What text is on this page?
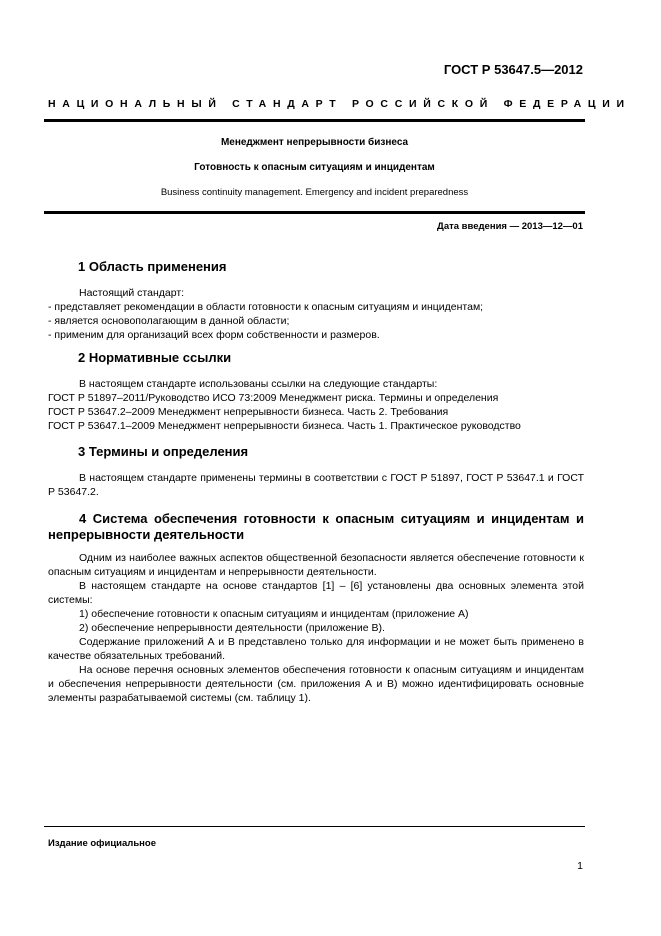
ГОСТ Р 53647.5—2012
НАЦИОНАЛЬНЫЙ СТАНДАРТ РОССИЙСКОЙ ФЕДЕРАЦИИ
Менеджмент непрерывности бизнеса
Готовность к опасным ситуациям и инцидентам
Business continuity management. Emergency and incident preparedness
Дата введения — 2013—12—01
1 Область применения
Настоящий стандарт:
- представляет рекомендации в области готовности к опасным ситуациям и инцидентам;
- является основополагающим в данной области;
- применим для организаций всех форм собственности и размеров.
2 Нормативные ссылки
В настоящем стандарте использованы ссылки на следующие стандарты:
ГОСТ Р 51897–2011/Руководство ИСО 73:2009 Менеджмент риска. Термины и определения
ГОСТ Р 53647.2–2009 Менеджмент непрерывности бизнеса. Часть 2. Требования
ГОСТ Р 53647.1–2009 Менеджмент непрерывности бизнеса. Часть 1. Практическое руководство
3 Термины и определения

В настоящем стандарте применены термины в соответствии с ГОСТ Р 51897, ГОСТ Р 53647.1 и ГОСТ Р 53647.2.

4 Система обеспечения готовности к опасным ситуациям и инцидентам и непрерывности деятельности

Одним из наиболее важных аспектов общественной безопасности является обеспечение готовности к опасным ситуациям и инцидентам и непрерывности деятельности.

В настоящем стандарте на основе стандартов [1] – [6] установлены два основных элемента этой системы:

1) обеспечение готовности к опасным ситуациям и инцидентам (приложение А)

2) обеспечение непрерывности деятельности (приложение В).

Содержание приложений А и В представлено только для информации и не может быть применено в качестве обязательных требований.

На основе перечня основных элементов обеспечения готовности к опасным ситуациям и инцидентам и обеспечения непрерывности деятельности (см. приложения А и В) можно идентифицировать основные элементы разрабатываемой системы (см. таблицу 1).

Издание официальное
1
